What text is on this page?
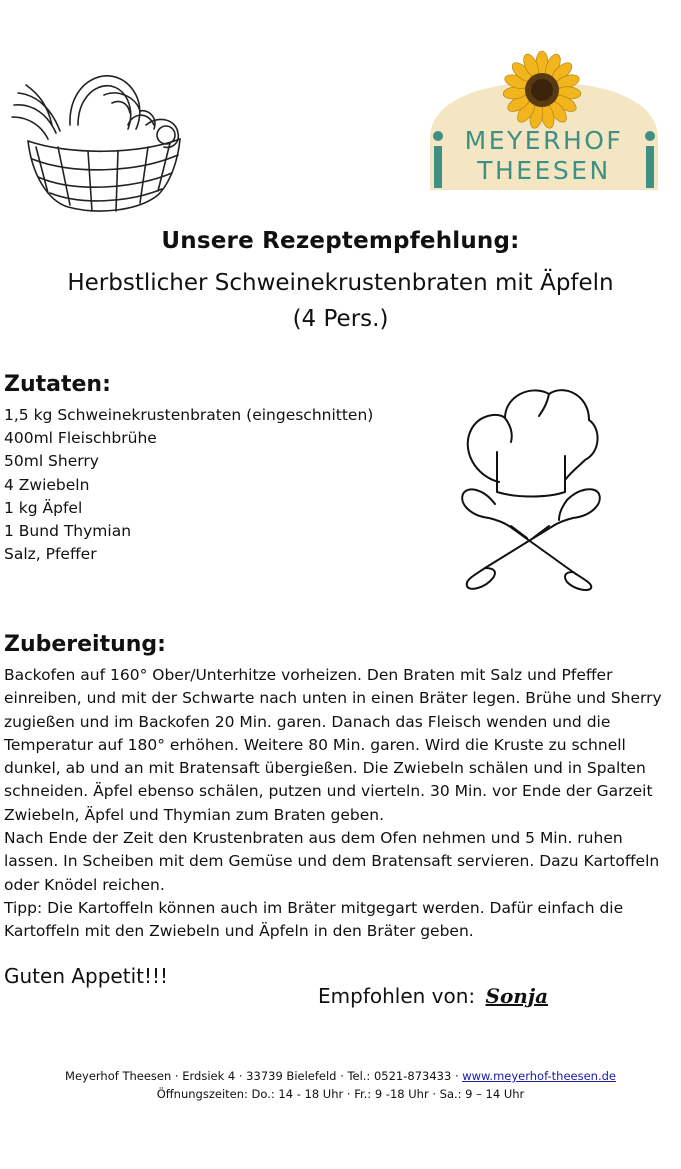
MEYERHOF
THEESEN
Unsere Rezeptempfehlung:
Herbstlicher Schweinekrustenbraten mit Äpfeln
(4 Pers.)
Zutaten:
1,5 kg Schweinekrustenbraten (eingeschnitten)
400ml Fleischbrühe
50ml Sherry
4 Zwiebeln
1 kg Äpfel
1 Bund Thymian
Salz, Pfeffer
Zubereitung:

Backofen auf 160° Ober/Unterhitze vorheizen. Den Braten mit Salz und Pfeffer einreiben, und mit der Schwarte nach unten in einen Bräter legen. Brühe und Sherry zugießen und im Backofen 20 Min. garen. Danach das Fleisch wenden und die Temperatur auf 180° erhöhen. Weitere 80 Min. garen. Wird die Kruste zu schnell dunkel, ab und an mit Bratensaft übergießen. Die Zwiebeln schälen und in Spalten schneiden. Äpfel ebenso schälen, putzen und vierteln. 30 Min. vor Ende der Garzeit Zwiebeln, Äpfel und Thymian zum Braten geben.

Nach Ende der Zeit den Krustenbraten aus dem Ofen nehmen und 5 Min. ruhen lassen. In Scheiben mit dem Gemüse und dem Bratensaft servieren. Dazu Kartoffeln oder Knödel reichen.

Tipp: Die Kartoffeln können auch im Bräter mitgegart werden. Dafür einfach die Kartoffeln mit den Zwiebeln und Äpfeln in den Bräter geben.

Guten Appetit!!!
Empfohlen von: Sonja
Meyerhof Theesen · Erdsiek 4 · 33739 Bielefeld · Tel.: 0521-873433 · www.meyerhof-theesen.de
Öffnungszeiten: Do.: 14 - 18 Uhr · Fr.: 9 -18 Uhr · Sa.: 9 – 14 Uhr
